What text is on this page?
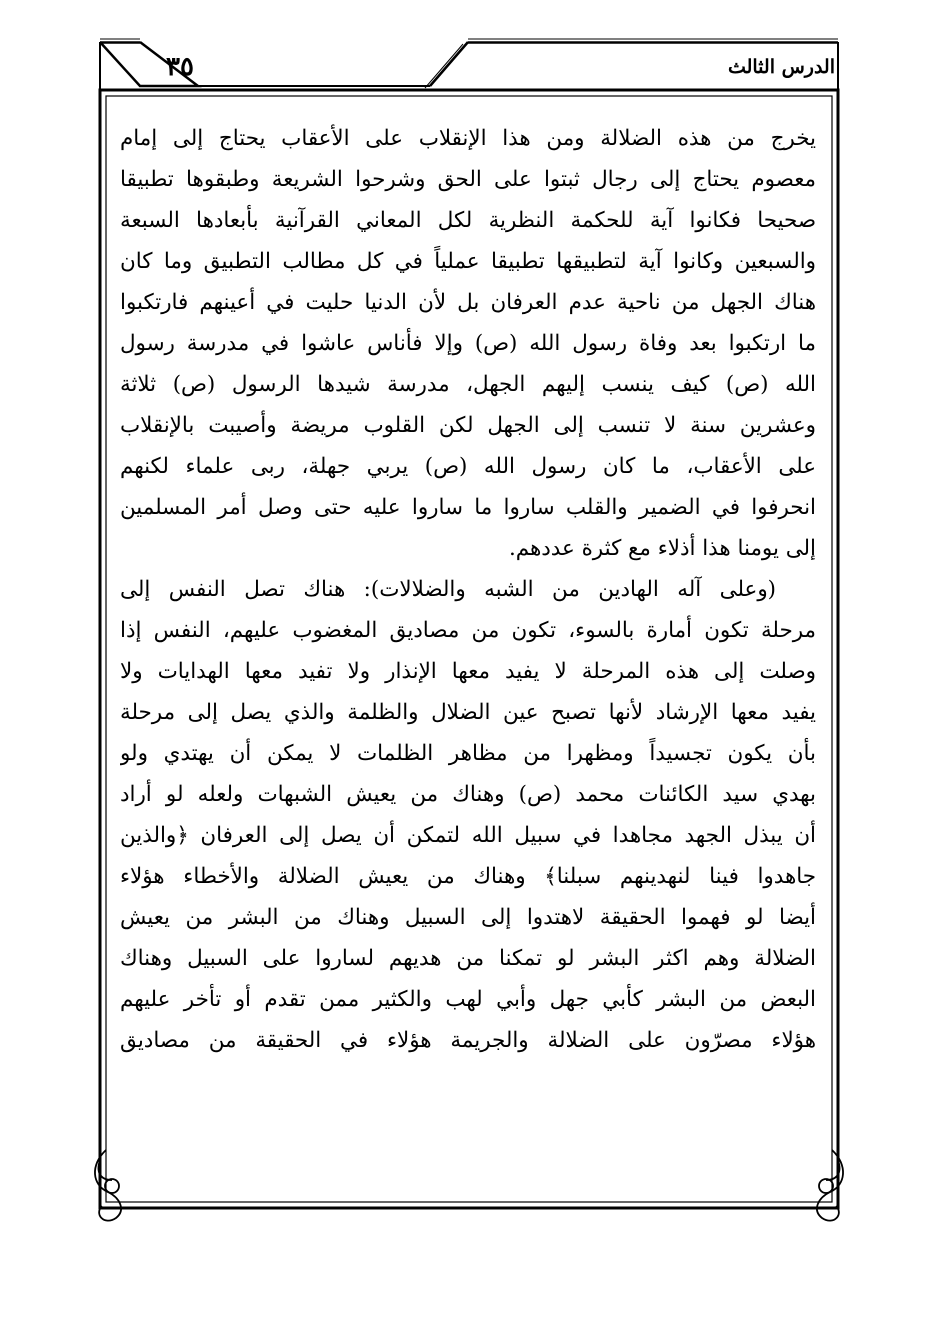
الدرس الثالث
٣٥
يخرج من هذه الضلالة ومن هذا الإنقلاب على الأعقاب يحتاج إلى إمام
معصوم يحتاج إلى رجال ثبتوا على الحق وشرحوا الشريعة وطبقوها تطبيقا
صحيحا فكانوا آية للحكمة النظرية لكل المعاني القرآنية بأبعادها السبعة
والسبعين وكانوا آية لتطبيقها تطبيقا عملياً في كل مطالب التطبيق وما كان
هناك الجهل من ناحية عدم العرفان بل لأن الدنيا حليت في أعينهم فارتكبوا
ما ارتكبوا بعد وفاة رسول الله (ص) وإلا فأناس عاشوا في مدرسة رسول
الله (ص) كيف ينسب إليهم الجهل، مدرسة شيدها الرسول (ص) ثلاثة
وعشرين سنة لا تنسب إلى الجهل لكن القلوب مريضة وأصيبت بالإنقلاب
على الأعقاب، ما كان رسول الله (ص) يربي جهلة، ربى علماء لكنهم
انحرفوا في الضمير والقلب ساروا ما ساروا عليه حتى وصل أمر المسلمين
إلى يومنا هذا أذلاء مع كثرة عددهم.
(وعلى آله الهادين من الشبه والضلالات): هناك تصل النفس إلى
مرحلة تكون أمارة بالسوء، تكون من مصاديق المغضوب عليهم، النفس إذا
وصلت إلى هذه المرحلة لا يفيد معها الإنذار ولا تفيد معها الهدايات ولا
يفيد معها الإرشاد لأنها تصبح عين الضلال والظلمة والذي يصل إلى مرحلة
بأن يكون تجسيداً ومظهرا من مظاهر الظلمات لا يمكن أن يهتدي ولو
بهدي سيد الكائنات محمد (ص) وهناك من يعيش الشبهات ولعله لو أراد
أن يبذل الجهد مجاهدا في سبيل الله لتمكن أن يصل إلى العرفان ﴿والذين
جاهدوا فينا لنهدينهم سبلنا﴾ وهناك من يعيش الضلالة والأخطاء هؤلاء
أيضا لو فهموا الحقيقة لاهتدوا إلى السبيل وهناك من البشر من يعيش
الضلالة وهم اكثر البشر لو تمكنا من هديهم لساروا على السبيل وهناك
البعض من البشر كأبي جهل وأبي لهب والكثير ممن تقدم أو تأخر عليهم
هؤلاء مصرّون على الضلالة والجريمة هؤلاء في الحقيقة من مصاديق
